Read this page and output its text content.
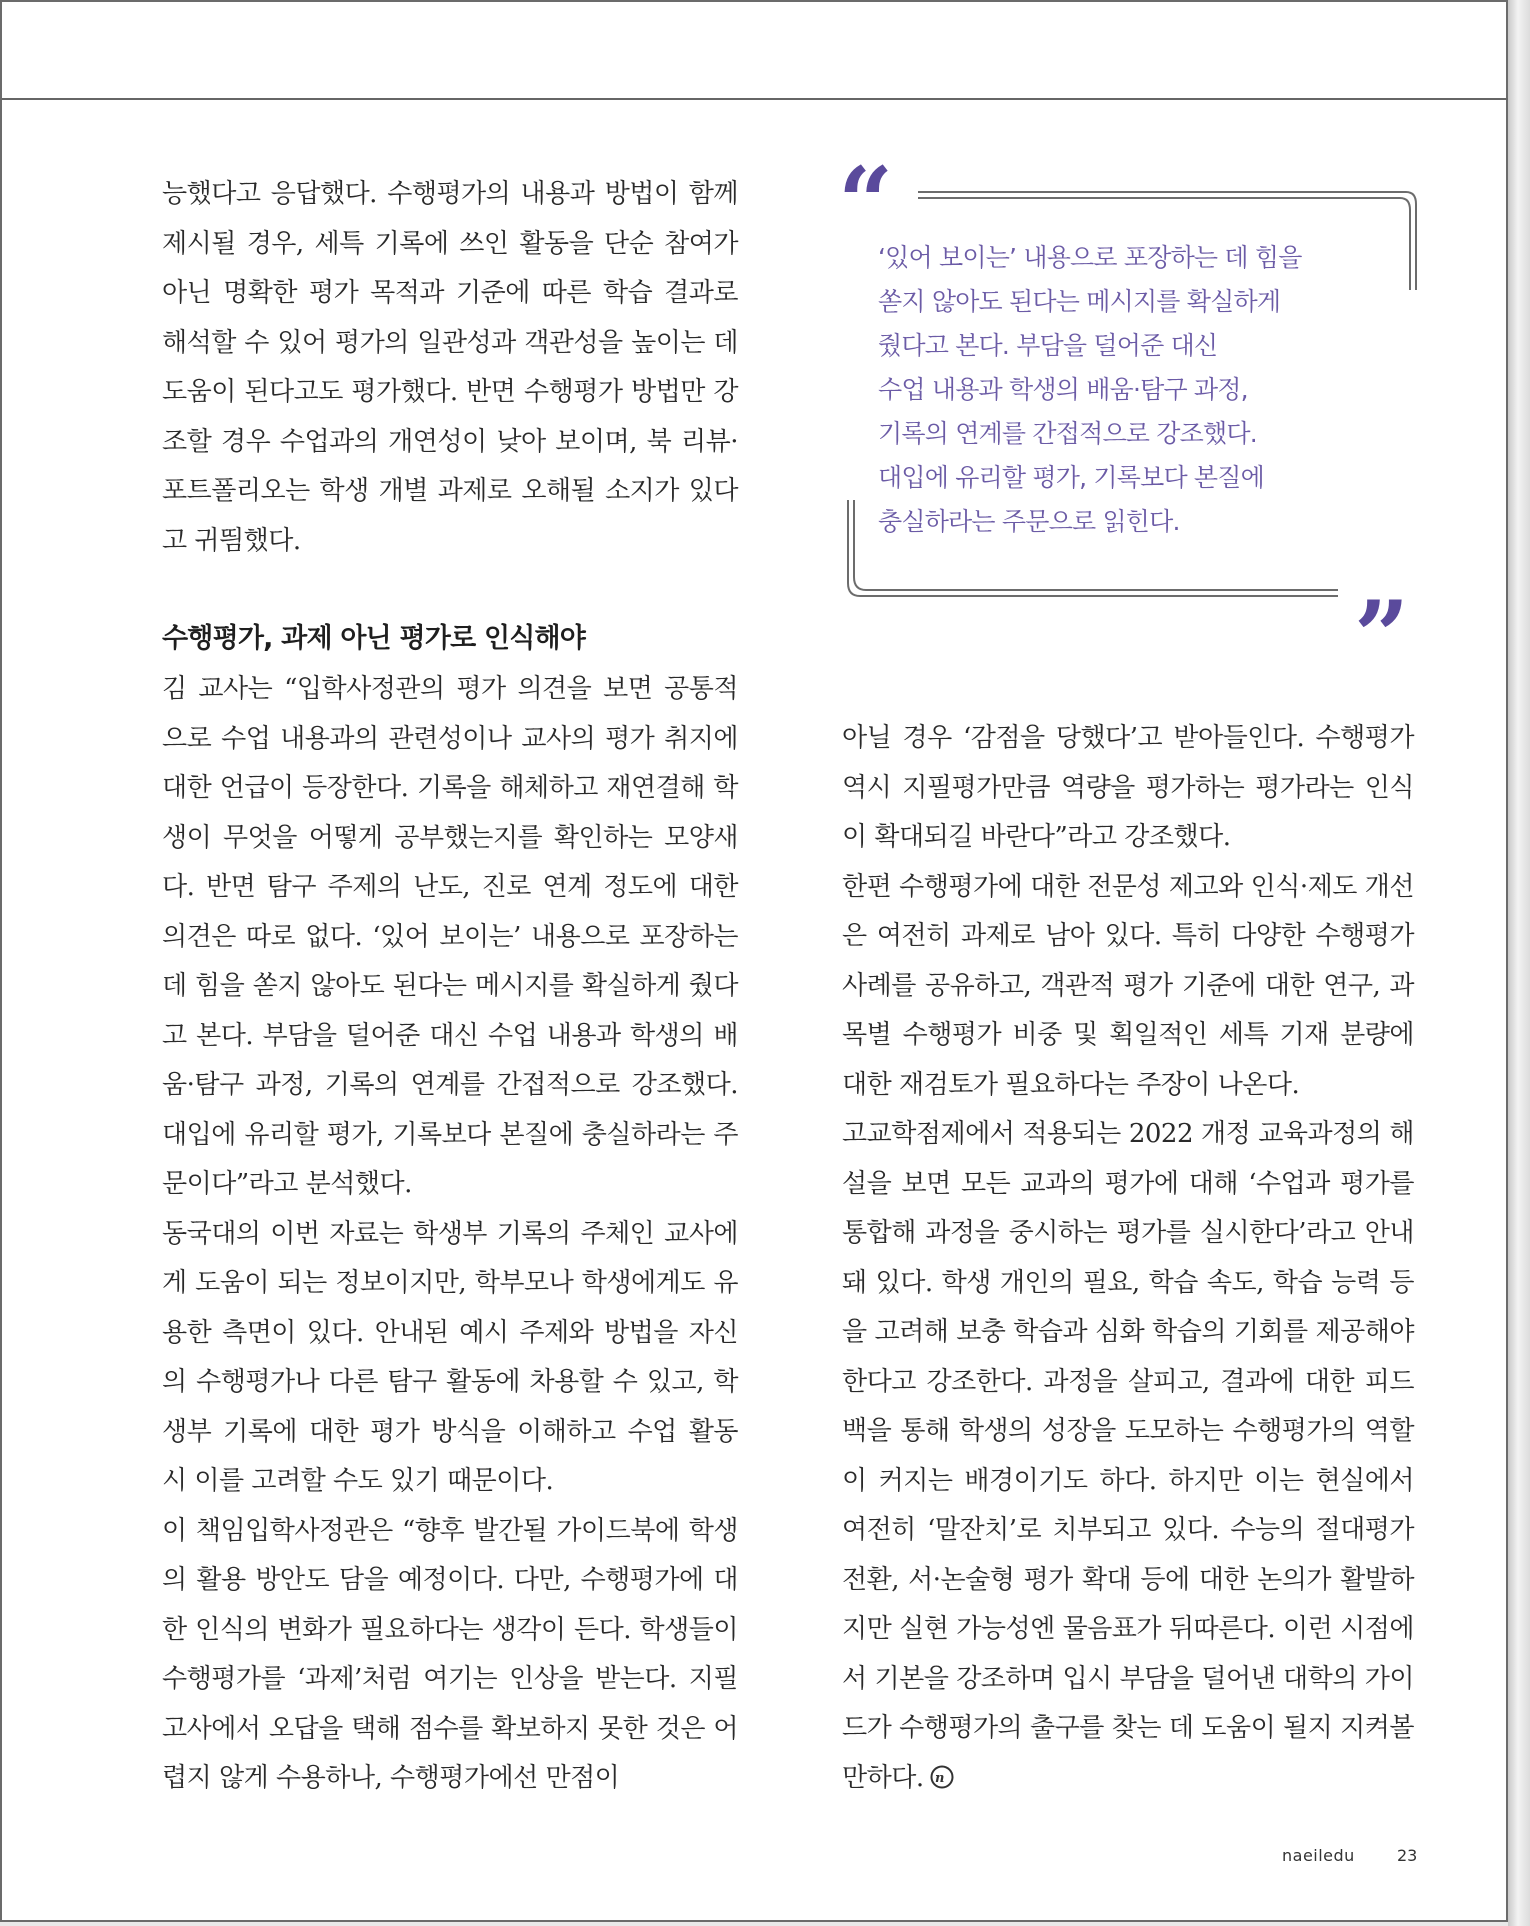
능했다고 응답했다. 수행평가의 내용과 방법이 함께 제시될 경우, 세특 기록에 쓰인 활동을 단순 참여가 아닌 명확한 평가 목적과 기준에 따른 학습 결과로 해석할 수 있어 평가의 일관성과 객관성을 높이는 데 도움이 된다고도 평가했다. 반면 수행평가 방법만 강조할 경우 수업과의 개연성이 낮아 보이며, 북 리뷰·포트폴리오는 학생 개별 과제로 오해될 소지가 있다고 귀띔했다.

수행평가, 과제 아닌 평가로 인식해야

김 교사는 “입학사정관의 평가 의견을 보면 공통적으로 수업 내용과의 관련성이나 교사의 평가 취지에 대한 언급이 등장한다. 기록을 해체하고 재연결해 학생이 무엇을 어떻게 공부했는지를 확인하는 모양새다. 반면 탐구 주제의 난도, 진로 연계 정도에 대한 의견은 따로 없다. ‘있어 보이는’ 내용으로 포장하는 데 힘을 쏟지 않아도 된다는 메시지를 확실하게 줬다고 본다. 부담을 덜어준 대신 수업 내용과 학생의 배움·탐구 과정, 기록의 연계를 간접적으로 강조했다. 대입에 유리할 평가, 기록보다 본질에 충실하라는 주문이다”라고 분석했다.

동국대의 이번 자료는 학생부 기록의 주체인 교사에게 도움이 되는 정보이지만, 학부모나 학생에게도 유용한 측면이 있다. 안내된 예시 주제와 방법을 자신의 수행평가나 다른 탐구 활동에 차용할 수 있고, 학생부 기록에 대한 평가 방식을 이해하고 수업 활동 시 이를 고려할 수도 있기 때문이다.

이 책임입학사정관은 “향후 발간될 가이드북에 학생의 활용 방안도 담을 예정이다. 다만, 수행평가에 대한 인식의 변화가 필요하다는 생각이 든다. 학생들이 수행평가를 ‘과제’처럼 여기는 인상을 받는다. 지필고사에서 오답을 택해 점수를 확보하지 못한 것은 어렵지 않게 수용하나, 수행평가에선 만점이

“
”

‘있어 보이는’ 내용으로 포장하는 데 힘을

쏟지 않아도 된다는 메시지를 확실하게

줬다고 본다. 부담을 덜어준 대신

수업 내용과 학생의 배움·탐구 과정,

기록의 연계를 간접적으로 강조했다.

대입에 유리할 평가, 기록보다 본질에

충실하라는 주문으로 읽힌다.

아닐 경우 ‘감점을 당했다’고 받아들인다. 수행평가 역시 지필평가만큼 역량을 평가하는 평가라는 인식이 확대되길 바란다”라고 강조했다.

한편 수행평가에 대한 전문성 제고와 인식·제도 개선은 여전히 과제로 남아 있다. 특히 다양한 수행평가 사례를 공유하고, 객관적 평가 기준에 대한 연구, 과목별 수행평가 비중 및 획일적인 세특 기재 분량에 대한 재검토가 필요하다는 주장이 나온다.

고교학점제에서 적용되는 2022 개정 교육과정의 해설을 보면 모든 교과의 평가에 대해 ‘수업과 평가를 통합해 과정을 중시하는 평가를 실시한다’라고 안내돼 있다. 학생 개인의 필요, 학습 속도, 학습 능력 등을 고려해 보충 학습과 심화 학습의 기회를 제공해야 한다고 강조한다. 과정을 살피고, 결과에 대한 피드백을 통해 학생의 성장을 도모하는 수행평가의 역할이 커지는 배경이기도 하다. 하지만 이는 현실에서 여전히 ‘말잔치’로 치부되고 있다. 수능의 절대평가 전환, 서·논술형 평가 확대 등에 대한 논의가 활발하지만 실현 가능성엔 물음표가 뒤따른다. 이런 시점에서 기본을 강조하며 입시 부담을 덜어낸 대학의 가이드가 수행평가의 출구를 찾는 데 도움이 될지 지켜볼 만하다. n

naeiledu	23
